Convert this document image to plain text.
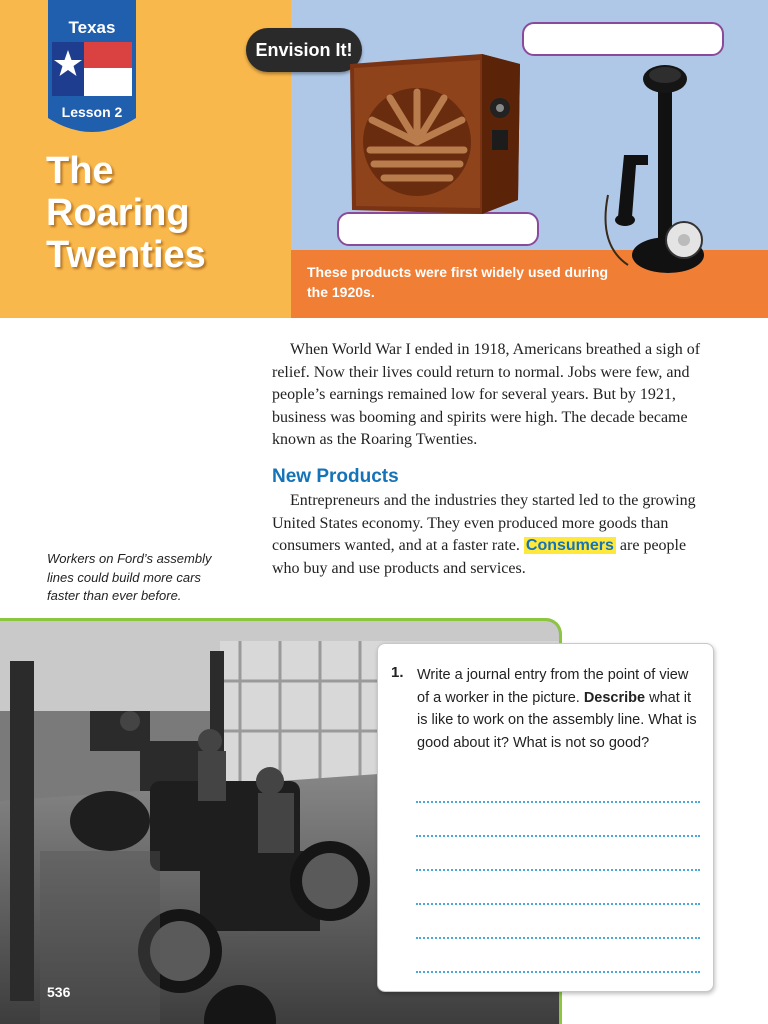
These products were first widely used during the 1920s.
Texas
Lesson 2
The
Roaring
Twenties
Envision It!
When World War I ended in 1918, Americans breathed a sigh of relief. Now their lives could return to normal. Jobs were few, and people’s earnings remained low for several years. But by 1921, business was booming and spirits were high. The decade became known as the Roaring Twenties.
New Products
Entrepreneurs and the industries they started led to the growing United States economy. They even produced more goods than consumers wanted, and at a faster rate. Consumers are people who buy and use products and services.
Workers on Ford’s assembly lines could build more cars faster than ever before.
536
1. Write a journal entry from the point of view of a worker in the picture. Describe what it is like to work on the assembly line. What is good about it? What is not so good?
